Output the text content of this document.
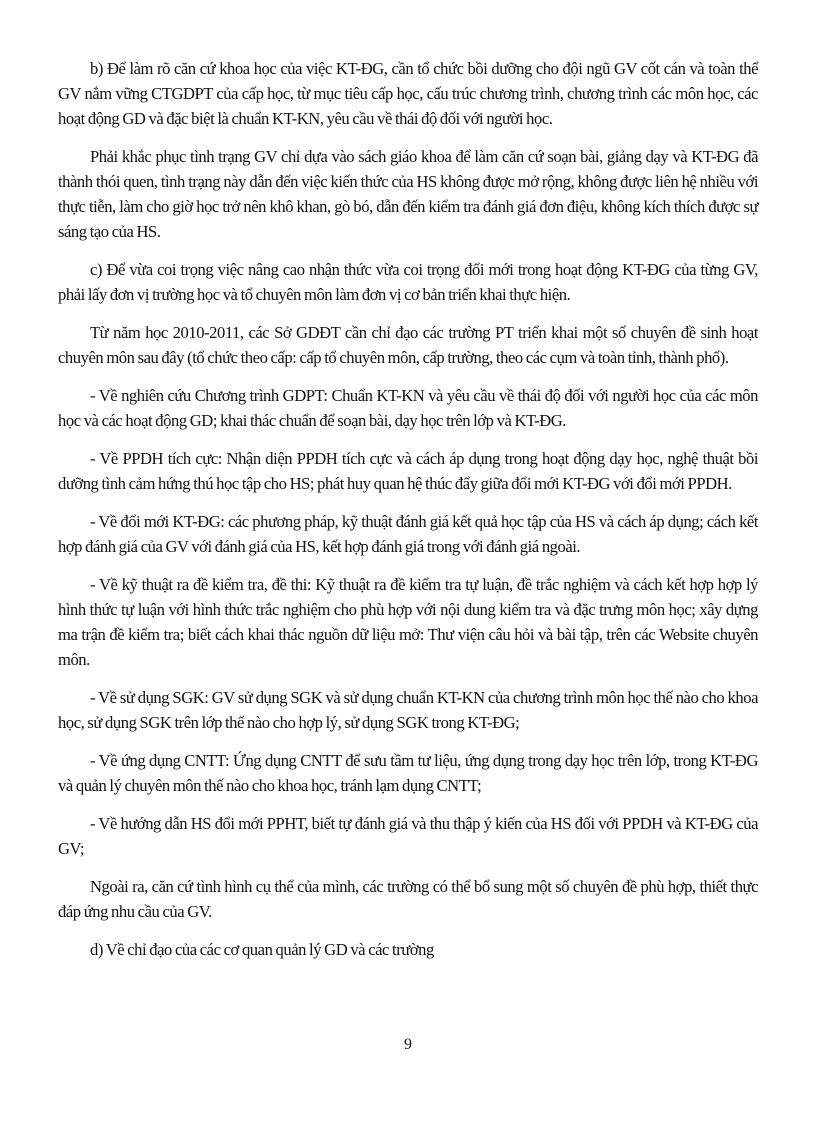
b) Để làm rõ căn cứ khoa học của việc KT-ĐG, cần tổ chức bồi dưỡng cho đội ngũ GV cốt cán và toàn thể GV nắm vững CTGDPT của cấp học, từ mục tiêu cấp học, cấu trúc chương trình, chương trình các môn học, các hoạt động GD và đặc biệt là chuẩn KT-KN, yêu cầu về thái độ đối với người học.

Phải khắc phục tình trạng GV chỉ dựa vào sách giáo khoa để làm căn cứ soạn bài, giảng dạy và KT-ĐG đã thành thói quen, tình trạng này dẫn đến việc kiến thức của HS không được mở rộng, không được liên hệ nhiều với thực tiễn, làm cho giờ học trở nên khô khan, gò bó, dẫn đến kiểm tra đánh giá đơn điệu, không kích thích được sự sáng tạo của HS.

c) Để vừa coi trọng việc nâng cao nhận thức vừa coi trọng đổi mới trong hoạt động KT-ĐG của từng GV, phải lấy đơn vị trường học và tổ chuyên môn làm đơn vị cơ bản triển khai thực hiện.

Từ năm học 2010-2011, các Sở GDĐT cần chỉ đạo các trường PT triển khai một số chuyên đề sinh hoạt chuyên môn sau đây (tổ chức theo cấp: cấp tổ chuyên môn, cấp trường, theo các cụm và toàn tỉnh, thành phố).

- Về nghiên cứu Chương trình GDPT: Chuẩn KT-KN và yêu cầu về thái độ đối với người học của các môn học và các hoạt động GD; khai thác chuẩn để soạn bài, dạy học trên lớp và KT-ĐG.

- Về PPDH tích cực: Nhận diện PPDH tích cực và cách áp dụng trong hoạt động dạy học, nghệ thuật bồi dưỡng tình cảm hứng thú học tập cho HS; phát huy quan hệ thúc đẩy giữa đổi mới KT-ĐG với đổi mới PPDH.

- Về đổi mới KT-ĐG: các phương pháp, kỹ thuật đánh giá kết quả học tập của HS và cách áp dụng; cách kết hợp đánh giá của GV với đánh giá của HS, kết hợp đánh giá trong với đánh giá ngoài.

- Về kỹ thuật ra đề kiểm tra, đề thi: Kỹ thuật ra đề kiểm tra tự luận, đề trắc nghiệm và cách kết hợp hợp lý hình thức tự luận với hình thức trắc nghiệm cho phù hợp với nội dung kiểm tra và đặc trưng môn học; xây dựng ma trận đề kiểm tra; biết cách khai thác nguồn dữ liệu mở: Thư viện câu hỏi và bài tập, trên các Website chuyên môn.

- Về sử dụng SGK: GV sử dụng SGK và sử dụng chuẩn KT-KN của chương trình môn học thế nào cho khoa học, sử dụng SGK trên lớp thế nào cho hợp lý, sử dụng SGK trong KT-ĐG;

- Về ứng dụng CNTT: Ứng dụng CNTT để sưu tầm tư liệu, ứng dụng trong dạy học trên lớp, trong KT-ĐG và quản lý chuyên môn thế nào cho khoa học, tránh lạm dụng CNTT;

- Về hướng dẫn HS đổi mới PPHT, biết tự đánh giá và thu thập ý kiến của HS đối với PPDH và KT-ĐG của GV;

Ngoài ra, căn cứ tình hình cụ thể của mình, các trường có thể bổ sung một số chuyên đề phù hợp, thiết thực đáp ứng nhu cầu của GV.

d) Về chỉ đạo của các cơ quan quản lý GD và các trường

9
